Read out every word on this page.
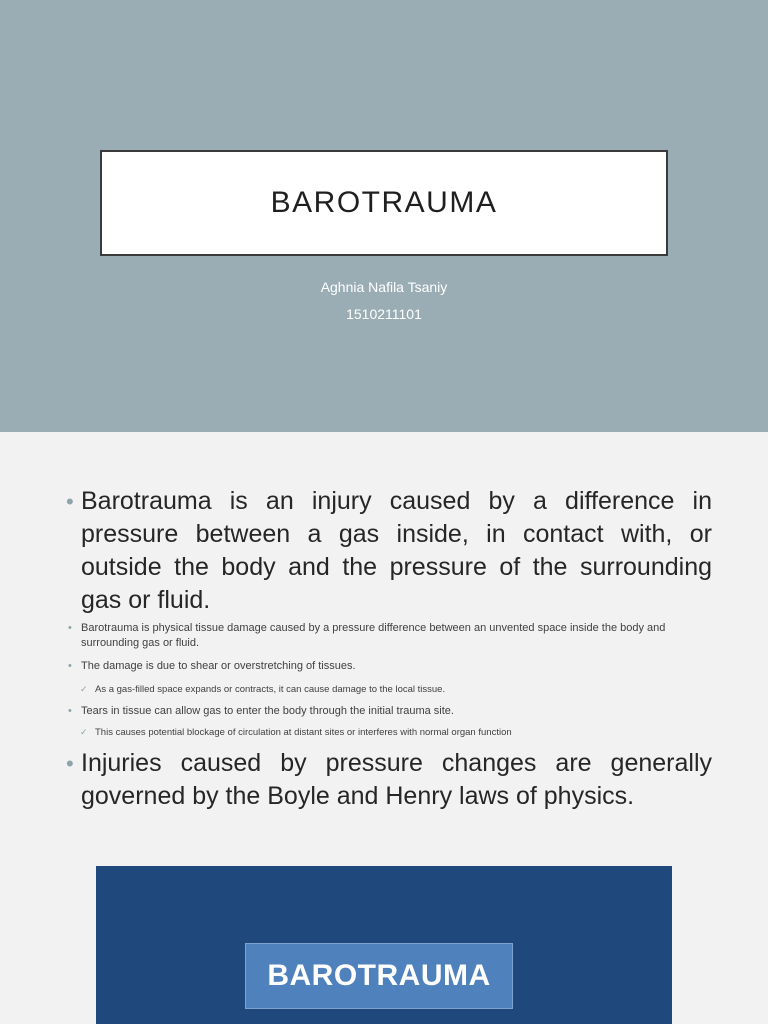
BAROTRAUMA
Aghnia Nafila Tsaniy
1510211101
• Barotrauma is an injury caused by a difference in pressure between a gas inside, in contact with, or outside the body and the pressure of the surrounding gas or fluid.
• Barotrauma is physical tissue damage caused by a pressure difference between an unvented space inside the body and surrounding gas or fluid.
• The damage is due to shear or overstretching of tissues.
✓ As a gas-filled space expands or contracts, it can cause damage to the local tissue.
• Tears in tissue can allow gas to enter the body through the initial trauma site.
✓ This causes potential blockage of circulation at distant sites or interferes with normal organ function
• Injuries caused by pressure changes are generally governed by the Boyle and Henry laws of physics.
BAROTRAUMA
